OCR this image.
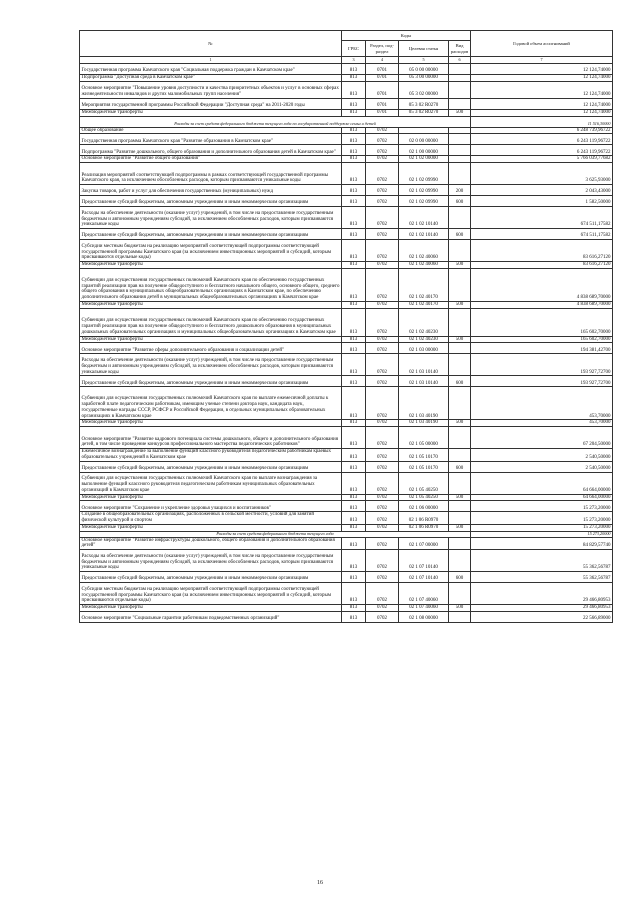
№	Коды				Годовой объем ассигнований
	ГРБС	Раздел, под-раздел	Целевая статья	Вид расходов	
1	3	4	5	6	7
Государственная программа Камчатского края "Социальная поддержка граждан в Камчатском крае"	813	0701	05 0 00 00000		12 124,74000
Подпрограмма "Доступная среда в Камчатском крае"	813	0701	05 3 00 00000		12 124,74000
Основное мероприятие "Повышение уровня доступности и качества приоритетных объектов и услуг в основных сферах жизнедеятельности инвалидов и других маломобильных групп населения"	813	0701	05 3 02 00000		12 124,74000
Мероприятия государственной программы Российской Федерации "Доступная среда" на 2011-2020 годы	813	0701	05 3 02 R0270		12 124,74000
Межбюджетные трансферты	813	0701	05 3 02 R0270	500	12 124,74000
Расходы за счет средств федерального бюджета текущего года по государственной поддержке семьи и детей					11 516,30000
Общее образование	813	0702			6 248 739,96722
Государственная программа Камчатского края "Развитие образования в Камчатском крае"	813	0702	02 0 00 00000		6 243 119,96722
Подпрограмма "Развитие дошкольного, общего образования и дополнительного образования детей в Камчатском крае"	813	0702	02 1 00 00000		6 243 119,96722
Основное мероприятие "Развитие общего образования"	813	0702	02 1 02 00000		5 766 039,77682
Реализация мероприятий соответствующей подпрограммы в рамках соответствующей государственной программы Камчатского края, за исключением обособленных расходов, которым присваиваются уникальные коды	813	0702	02 1 02 09990		3 625,93000
Закупка товаров, работ и услуг для обеспечения государственных (муниципальных) нужд	813	0702	02 1 02 09990	200	2 043,43000
Предоставление субсидий бюджетным, автономным учреждениям и иным некоммерческим организациям	813	0702	02 1 02 09990	600	1 582,50000
Расходы на обеспечение деятельности (оказание услуг) учреждений, в том числе на предоставление государственным бюджетным и автономным учреждениям субсидий, за исключением обособленных расходов, которым присваиваются уникальные коды	813	0702	02 1 02 10140		674 511,17582
Предоставление субсидий бюджетным, автономным учреждениям и иным некоммерческим организациям	813	0702	02 1 02 10140	600	674 511,17582
Субсидии местным бюджетам на реализацию мероприятий соответствующей подпрограммы соответствующей государственной программы Камчатского края (за исключением инвестиционных мероприятий и субсидий, которым присваиваются отдельные коды)	813	0702	02 1 02 40060		83 616,27120
Межбюджетные трансферты	813	0702	02 1 02 40060	500	83 616,27120
Субвенции для осуществления государственных полномочий Камчатского края по обеспечению государственных гарантий реализации прав на получение общедоступного и бесплатного начального общего, основного общего, среднего общего образования в муниципальных общеобразовательных организациях в Камчатском крае, по обеспечению дополнительного образования детей в муниципальных общеобразовательных организациях в Камчатском крае	813	0702	02 1 02 40170		4 838 689,70000
Межбюджетные трансферты	813	0702	02 1 02 40170	500	4 838 689,70000
Субвенции для осуществления государственных полномочий Камчатского края по обеспечению государственных гарантий реализации прав на получение общедоступного и бесплатного дошкольного образования в муниципальных дошкольных образовательных организациях и муниципальных общеобразовательных организациях в Камчатском крае	813	0702	02 1 02 40230		165 602,70000
Межбюджетные трансферты	813	0702	02 1 02 40230	500	165 602,70000
Основное мероприятие "Развитие сферы дополнительного образования и социализации детей"	813	0702	02 1 03 00000		194 381,42700
Расходы на обеспечение деятельности (оказание услуг) учреждений, в том числе на предоставление государственным бюджетным и автономным учреждениям субсидий, за исключением обособленных расходов, которым присваиваются уникальные коды	813	0702	02 1 03 10140		193 927,72700
Предоставление субсидий бюджетным, автономным учреждениям и иным некоммерческим организациям	813	0702	02 1 03 10140	600	193 927,72700
Субвенции для осуществления государственных полномочий Камчатского края по выплате ежемесячной доплаты к заработной плате педагогическим работникам, имеющим ученые степени доктора наук, кандидата наук, государственные награды СССР, РСФСР и Российской Федерации, в отдельных муниципальных образовательных организациях в Камчатском крае	813	0702	02 1 03 40190		453,70000
Межбюджетные трансферты	813	0702	02 1 03 40190	500	453,70000
Основное мероприятие "Развитие кадрового потенциала системы дошкольного, общего и дополнительного образования детей, в том числе проведение конкурсов профессионального мастерства педагогических работников"	813	0702	02 1 05 00000		67 204,50000
Ежемесячное вознаграждение за выполнение функций классного руководителя педагогическим работникам краевых образовательных учреждений в Камчатском крае	813	0702	02 1 05 10170		2 540,50000
Предоставление субсидий бюджетным, автономным учреждениям и иным некоммерческим организациям	813	0702	02 1 05 10170	600	2 540,50000
Субвенции для осуществления государственных полномочий Камчатского края по выплате вознаграждения за выполнение функций классного руководителя педагогическим работникам муниципальных образовательных организаций в Камчатском крае	813	0702	02 1 05 40250		64 664,00000
Межбюджетные трансферты	813	0702	02 1 05 40250	500	64 664,00000
Основное мероприятие "Сохранение и укрепление здоровья учащихся и воспитанников"	813	0702	02 1 06 00000		15 273,20000
Создание в общеобразовательных организациях, расположенных в сельской местности, условий для занятий физической культурой и спортом	813	0702	02 1 06 R0970		15 273,20000
Межбюджетные трансферты	813	0702	02 1 06 R0970	500	15 273,20000
Расходы за счет средств федерального бюджета текущего года					15 273,20000
Основное мероприятие "Развитие инфраструктуры дошкольного, общего образования и дополнительного образования детей"	813	0702	02 1 07 00000		84 829,57740
Расходы на обеспечение деятельности (оказание услуг) учреждений, в том числе на предоставление государственным бюджетным и автономным учреждениям субсидий, за исключением обособленных расходов, которым присваиваются уникальные коды	813	0702	02 1 07 10140		55 362,56787
Предоставление субсидий бюджетным, автономным учреждениям и иным некоммерческим организациям	813	0702	02 1 07 10140	600	55 362,56787
Субсидии местным бюджетам на реализацию мероприятий соответствующей подпрограммы соответствующей государственной программы Камчатского края (за исключением инвестиционных мероприятий и субсидий, которым присваиваются отдельные коды)	813	0702	02 1 07 40060		29 466,80953
Межбюджетные трансферты	813	0702	02 1 07 40060	500	29 466,80953
Основное мероприятие "Социальные гарантии работникам подведомственных организаций"	813	0702	02 1 08 00000		22 566,89000
16
